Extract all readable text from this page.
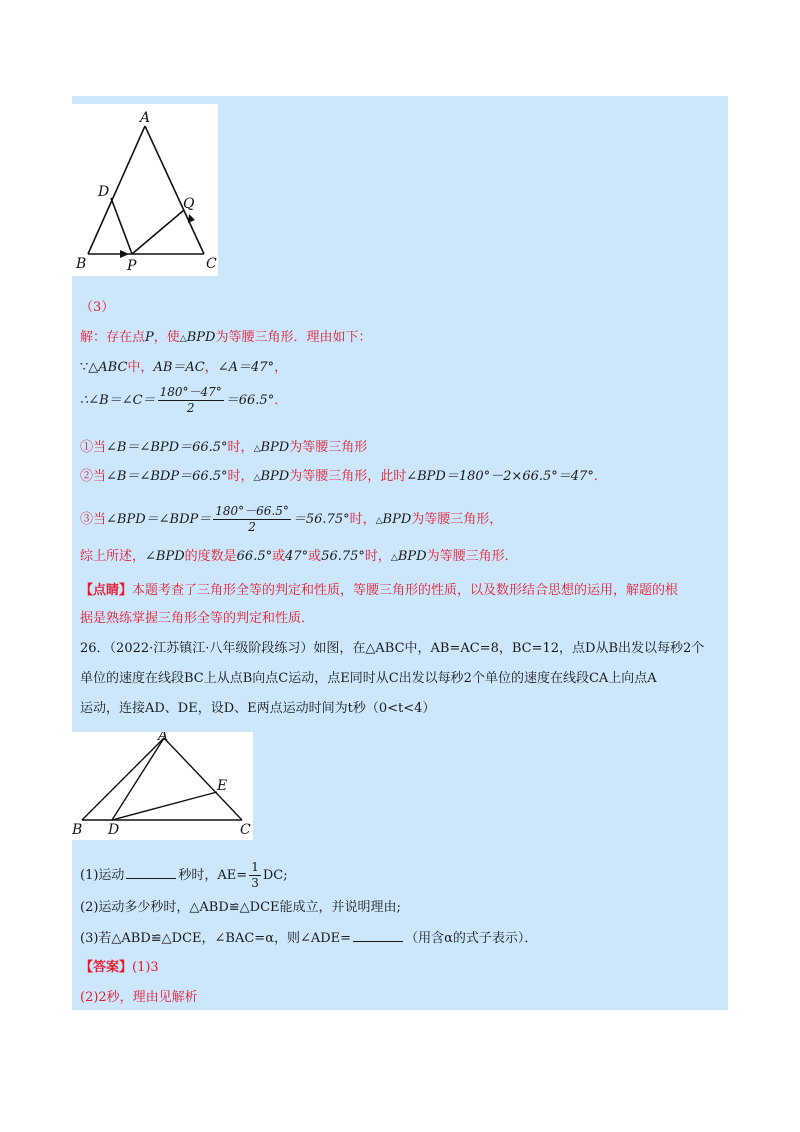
A
B	C
D
P
Q
（3）
解：存在点P，使△BPD为等腰三角形．理由如下：
∵△ABC中，AB＝AC，∠A＝47°，
∴∠B＝∠C＝ $\frac{180^\circ-47^\circ}{2} =66.5^\circ$．
①当∠B＝∠BPD＝66.5°时，△BPD为等腰三角形
②当∠B＝∠BDP＝66.5°时，△BPD为等腰三角形，此时∠BPD＝180°－2×66.5°＝47°．
③当∠BPD＝∠BDP＝ $\frac{180^\circ-66.5^\circ}{2} =56.75^\circ$时，△BPD为等腰三角形，
综上所述，∠BPD的度数是66.5°或47°或56.75°时，△BPD为等腰三角形．
【点睛】本题考查了三角形全等的判定和性质，等腰三角形的性质，以及数形结合思想的运用，解题的根
据是熟练掌握三角形全等的判定和性质．
26．（2022·江苏镇江·八年级阶段练习）如图，在△ABC中，AB=AC=8，BC=12，点D从B出发以每秒2个
单位的速度在线段BC上从点B向点C运动，点E同时从C出发以每秒2个单位的速度在线段CA上向点A
运动，连接AD、DE，设D、E两点运动时间为t秒（0<t<4）
A
B	C
D
E
(1)运动	秒时，$AE= \frac{1}{3}$ DC;
(2)运动多少秒时，△ABD≌△DCE能成立，并说明理由;
(3)若△ABD≌△DCE，∠BAC=α，则∠ADE=	（用含α的式子表示）．
【答案】(1)3
(2)2秒，理由见解析
